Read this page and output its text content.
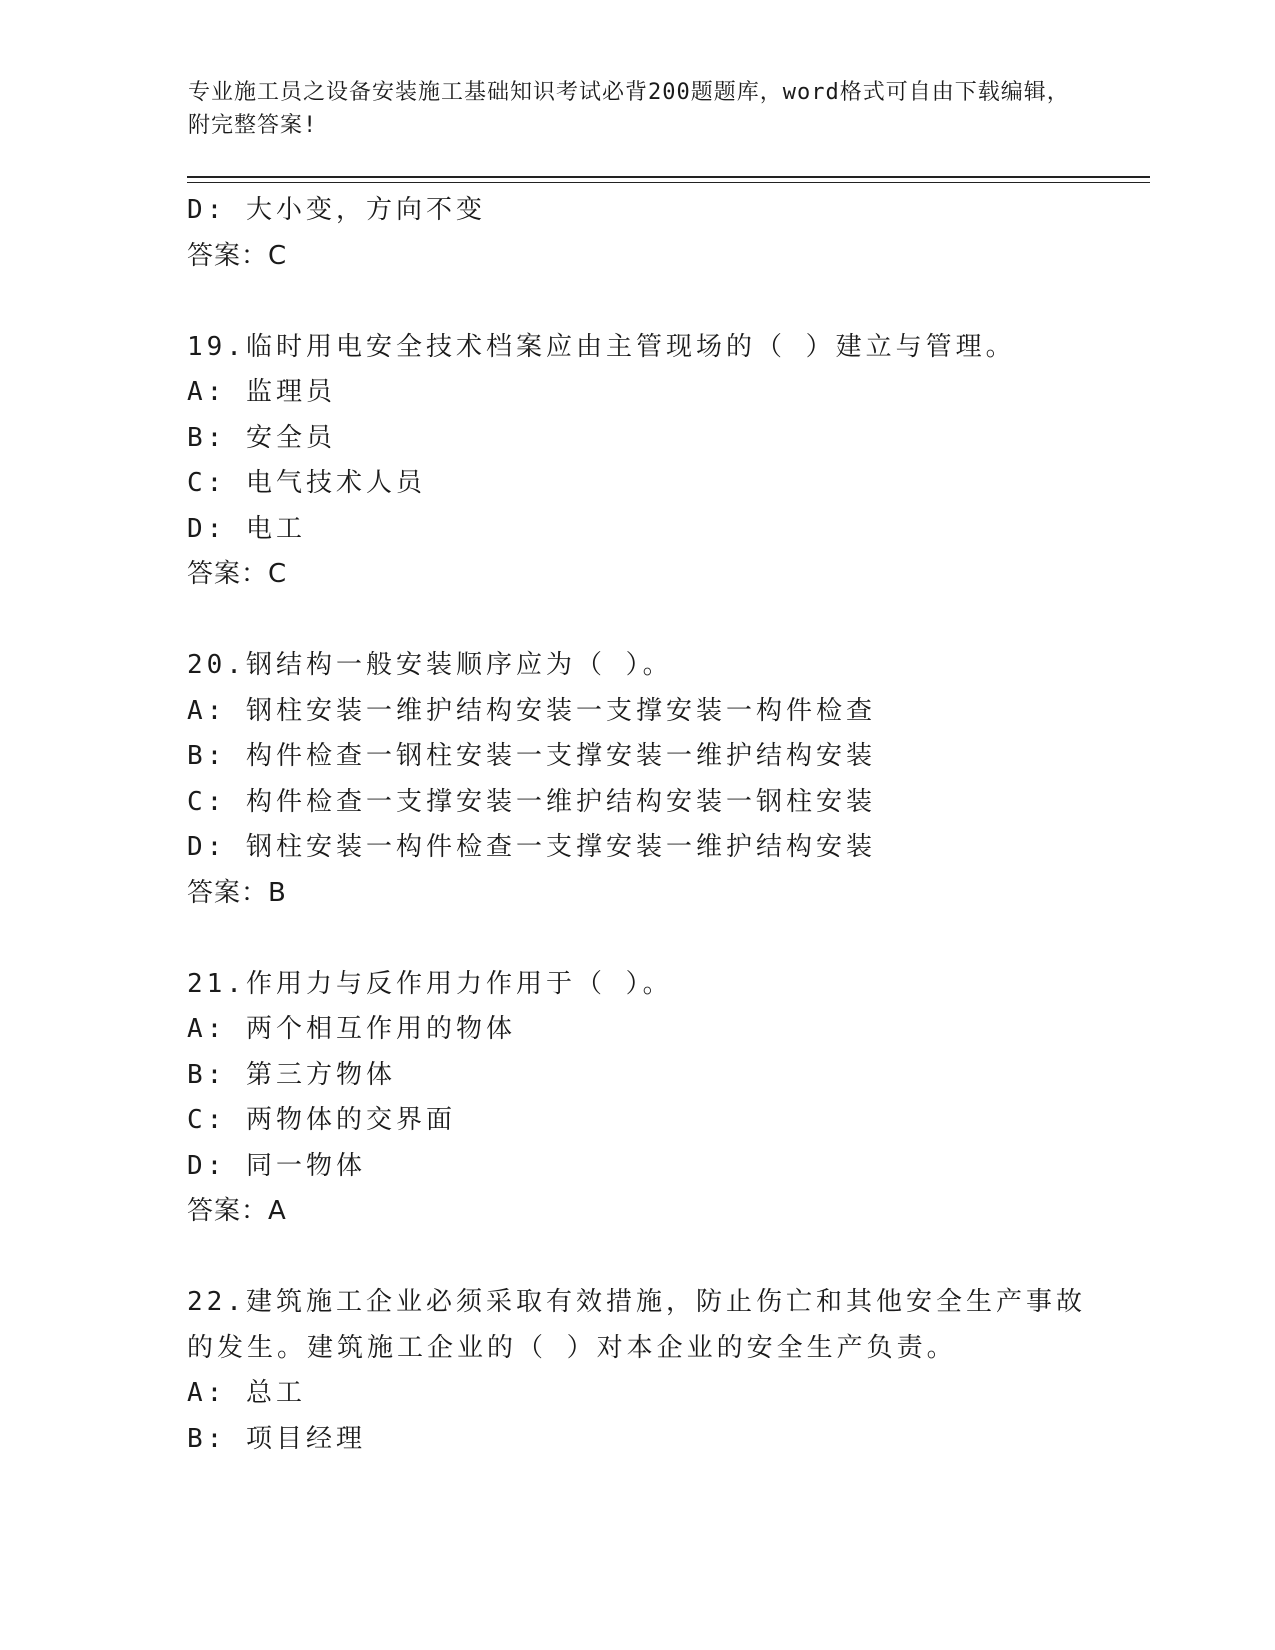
专业施工员之设备安装施工基础知识考试必背200题题库，word格式可自由下载编辑，附完整答案!
D: 大小变，方向不变
答案：C
19.临时用电安全技术档案应由主管现场的（ ）建立与管理。
A: 监理员
B: 安全员
C: 电气技术人员
D: 电工
答案：C
20.钢结构一般安装顺序应为（ ）。
A: 钢柱安装一维护结构安装一支撑安装一构件检查
B: 构件检查一钢柱安装一支撑安装一维护结构安装
C: 构件检查一支撑安装一维护结构安装一钢柱安装
D: 钢柱安装一构件检查一支撑安装一维护结构安装
答案：B
21.作用力与反作用力作用于（ ）。
A: 两个相互作用的物体
B: 第三方物体
C: 两物体的交界面
D: 同一物体
答案：A
22.建筑施工企业必须采取有效措施，防止伤亡和其他安全生产事故的发生。建筑施工企业的（ ）对本企业的安全生产负责。
A: 总工
B: 项目经理
